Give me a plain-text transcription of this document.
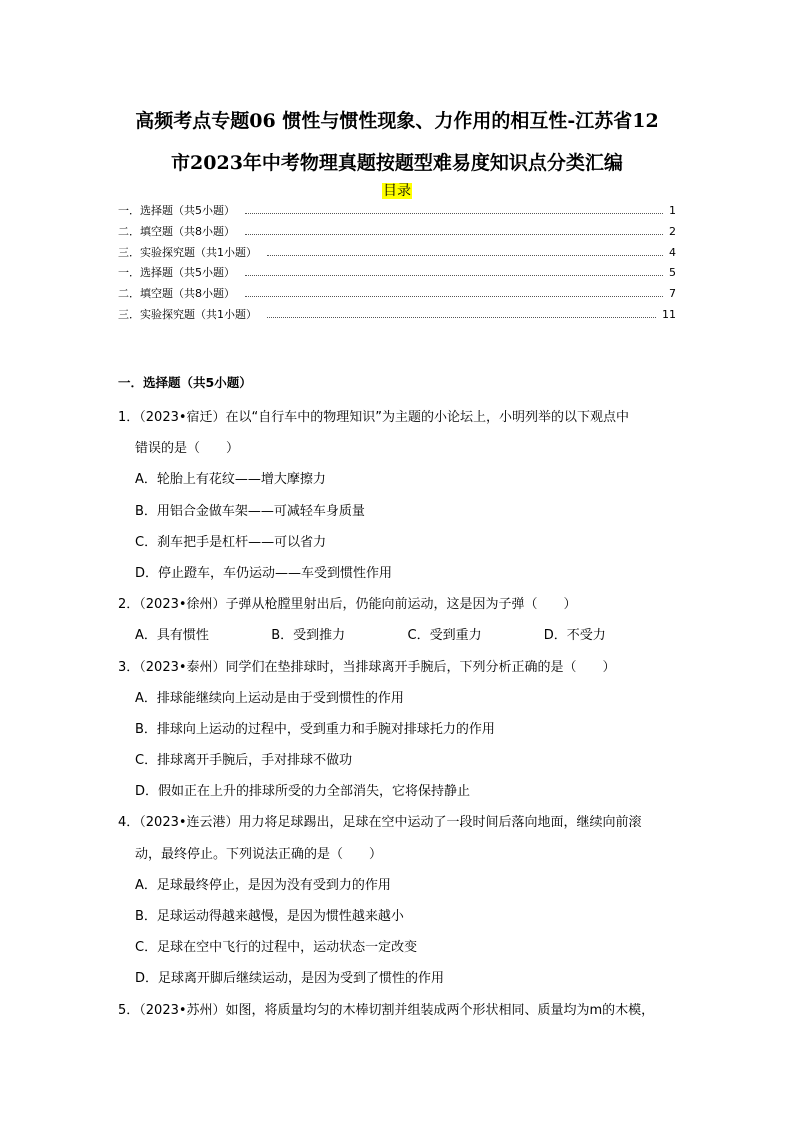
高频考点专题06 惯性与惯性现象、力作用的相互性-江苏省12
市2023年中考物理真题按题型难易度知识点分类汇编
目录
一．选择题（共5小题）	1
二．填空题（共8小题）	2
三．实验探究题（共1小题）	4
一．选择题（共5小题）	5
二．填空题（共8小题）	7
三．实验探究题（共1小题）	11
一．选择题（共5小题）
1．（2023•宿迁）在以“自行车中的物理知识”为主题的小论坛上，小明列举的以下观点中
错误的是（　　）
A．轮胎上有花纹——增大摩擦力
B．用铝合金做车架——可减轻车身质量
C．刹车把手是杠杆——可以省力
D．停止蹬车，车仍运动——车受到惯性作用
2．（2023•徐州）子弹从枪膛里射出后，仍能向前运动，这是因为子弹（　　）
A．具有惯性	B．受到推力	C．受到重力	D．不受力
3．（2023•泰州）同学们在垫排球时，当排球离开手腕后，下列分析正确的是（　　）
A．排球能继续向上运动是由于受到惯性的作用
B．排球向上运动的过程中，受到重力和手腕对排球托力的作用
C．排球离开手腕后，手对排球不做功
D．假如正在上升的排球所受的力全部消失，它将保持静止
4．（2023•连云港）用力将足球踢出，足球在空中运动了一段时间后落向地面，继续向前滚
动，最终停止。下列说法正确的是（　　）
A．足球最终停止，是因为没有受到力的作用
B．足球运动得越来越慢，是因为惯性越来越小
C．足球在空中飞行的过程中，运动状态一定改变
D．足球离开脚后继续运动，是因为受到了惯性的作用
5．（2023•苏州）如图，将质量均匀的木棒切割并组装成两个形状相同、质量均为m的木模，
